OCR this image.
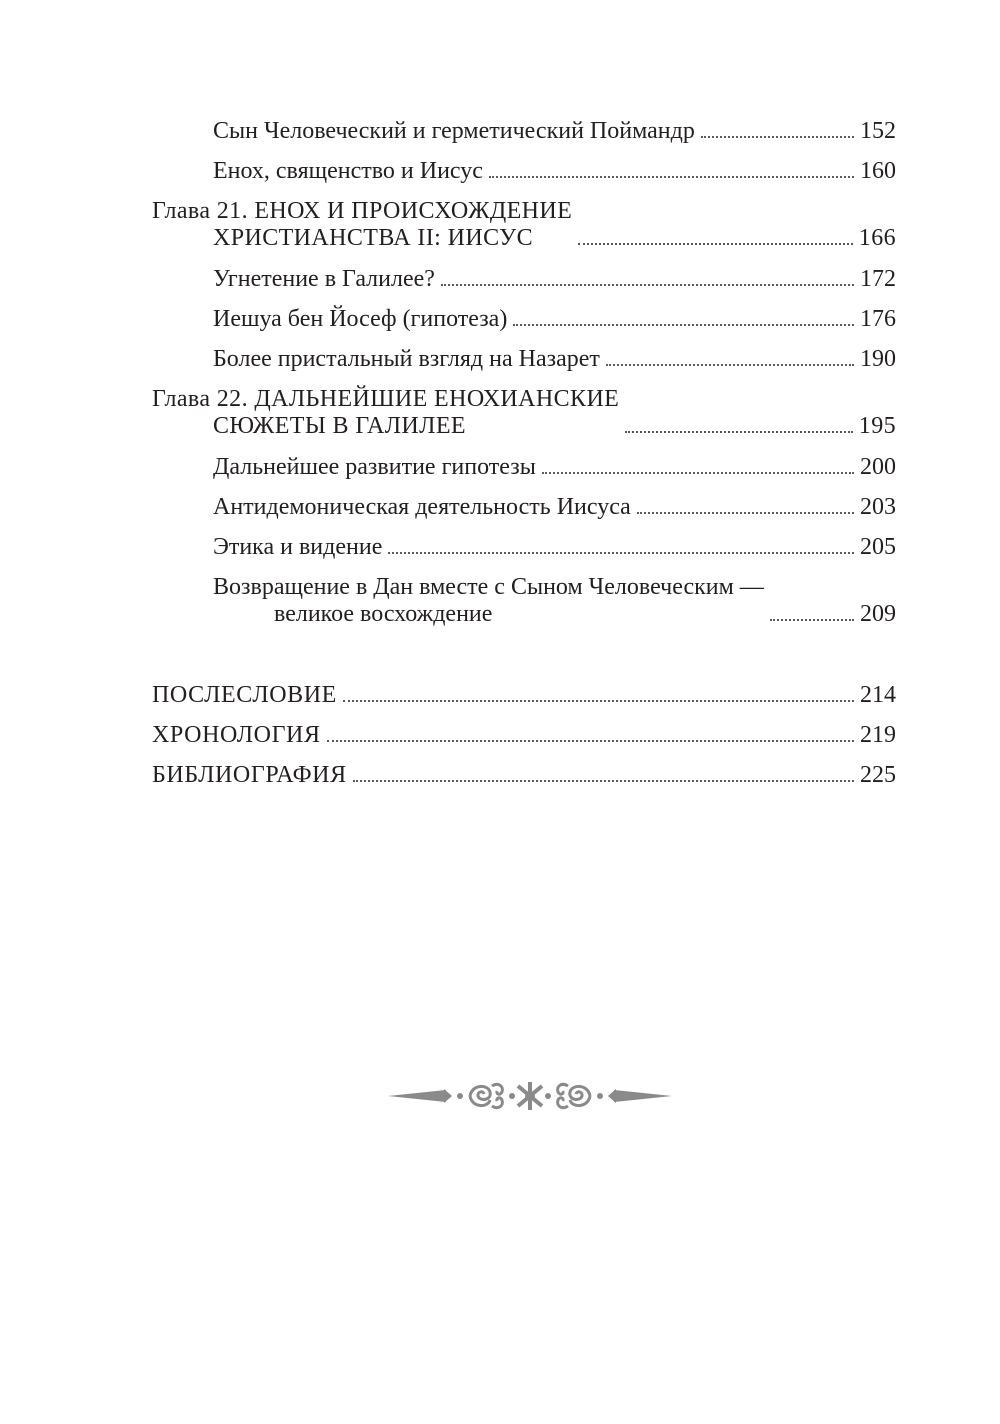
Сын Человеческий и герметический Поймандр	152
Енох, священство и Иисус	160
Глава 21. ЕНОХ И ПРОИСХОЖДЕНИЕ
ХРИСТИАНСТВА II: ИИСУС	166
Угнетение в Галилее?	172
Иешуа бен Йосеф (гипотеза)	176
Более пристальный взгляд на Назарет	190
Глава 22. ДАЛЬНЕЙШИЕ ЕНОХИАНСКИЕ
СЮЖЕТЫ В ГАЛИЛЕЕ	195
Дальнейшее развитие гипотезы	200
Антидемоническая деятельность Иисуса	203
Этика и видение	205
Возвращение в Дан вместе с Сыном Человеческим —
великое восхождение	209
ПОСЛЕСЛОВИЕ	214
ХРОНОЛОГИЯ	219
БИБЛИОГРАФИЯ	225
